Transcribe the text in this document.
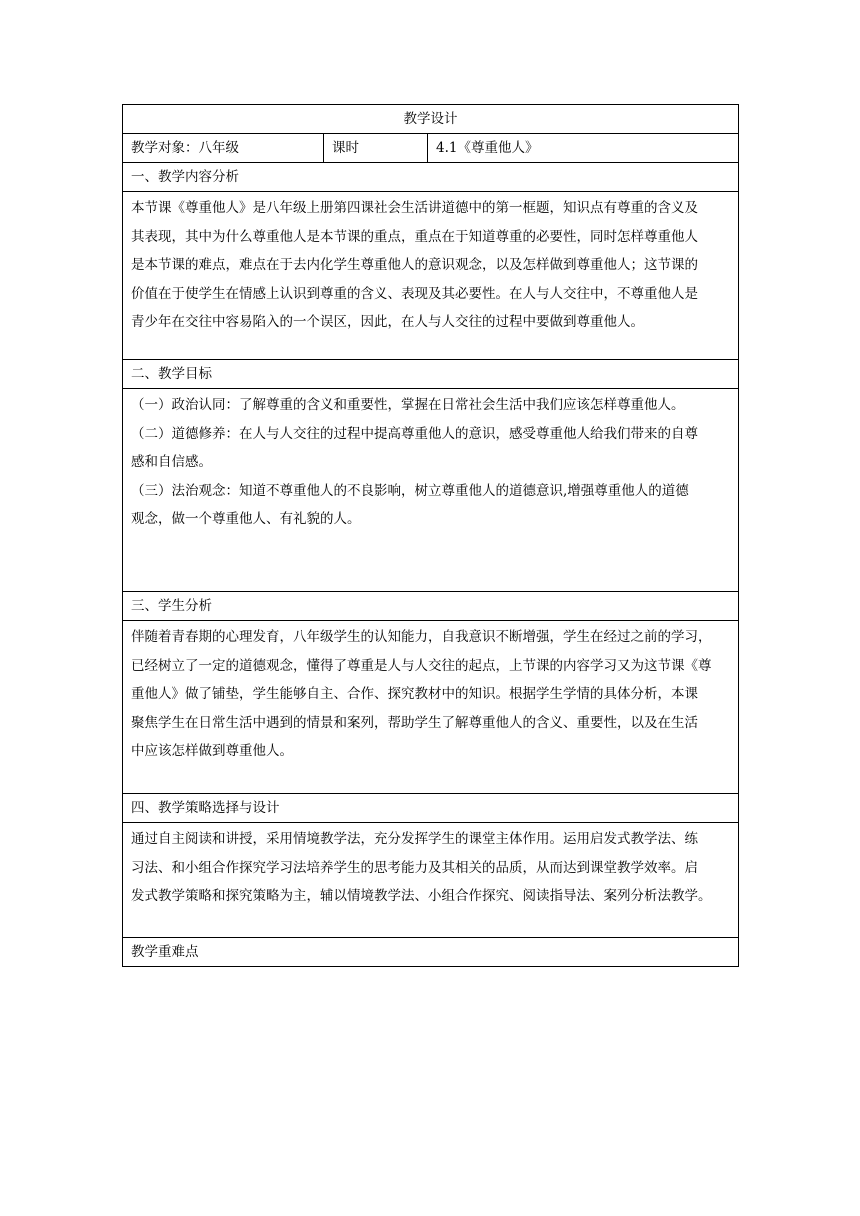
教学设计
教学对象：八年级	课时	4.1《尊重他人》
一、教学内容分析

本节课《尊重他人》是八年级上册第四课社会生活讲道德中的第一框题，知识点有尊重的含义及
其表现，其中为什么尊重他人是本节课的重点，重点在于知道尊重的必要性，同时怎样尊重他人
是本节课的难点，难点在于去内化学生尊重他人的意识观念，以及怎样做到尊重他人；这节课的
价值在于使学生在情感上认识到尊重的含义、表现及其必要性。在人与人交往中，不尊重他人是
青少年在交往中容易陷入的一个误区，因此，在人与人交往的过程中要做到尊重他人。

二、教学目标

（一）政治认同：了解尊重的含义和重要性，掌握在日常社会生活中我们应该怎样尊重他人。
（二）道德修养：在人与人交往的过程中提高尊重他人的意识，感受尊重他人给我们带来的自尊
感和自信感。
（三）法治观念：知道不尊重他人的不良影响，树立尊重他人的道德意识,增强尊重他人的道德
观念，做一个尊重他人、有礼貌的人。

三、学生分析

伴随着青春期的心理发育，八年级学生的认知能力，自我意识不断增强，学生在经过之前的学习，
已经树立了一定的道德观念，懂得了尊重是人与人交往的起点，上节课的内容学习又为这节课《尊
重他人》做了铺垫，学生能够自主、合作、探究教材中的知识。根据学生学情的具体分析，本课
聚焦学生在日常生活中遇到的情景和案列，帮助学生了解尊重他人的含义、重要性，以及在生活
中应该怎样做到尊重他人。

四、教学策略选择与设计

通过自主阅读和讲授，采用情境教学法，充分发挥学生的课堂主体作用。运用启发式教学法、练
习法、和小组合作探究学习法培养学生的思考能力及其相关的品质，从而达到课堂教学效率。启
发式教学策略和探究策略为主，辅以情境教学法、小组合作探究、阅读指导法、案列分析法教学。

教学重难点
